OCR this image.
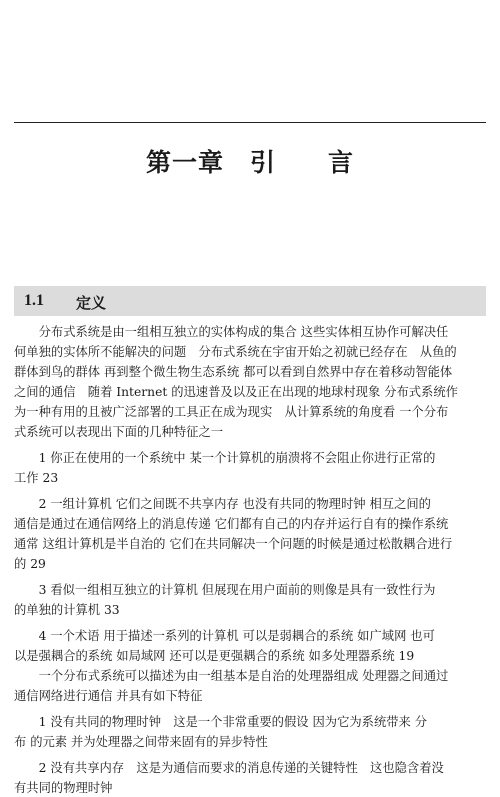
第一章　引　　言
1.1 定义
　　分布式系统是由一组相互独立的实体构成的集合 这些实体相互协作可解决任
何单独的实体所不能解决的问题　分布式系统在宇宙开始之初就已经存在　从鱼的
群体到鸟的群体 再到整个微生物生态系统 都可以看到自然界中存在着移动智能体
之间的通信　随着 Internet 的迅速普及以及正在出现的地球村现象 分布式系统作
为一种有用的且被广泛部署的工具正在成为现实　从计算系统的角度看 一个分布
式系统可以表现出下面的几种特征之一
　　1 你正在使用的一个系统中 某一个计算机的崩溃将不会阻止你进行正常的
工作 23
　　2 一组计算机 它们之间既不共享内存 也没有共同的物理时钟 相互之间的
通信是通过在通信网络上的消息传递 它们都有自己的内存并运行自有的操作系统
通常 这组计算机是半自治的 它们在共同解决一个问题的时候是通过松散耦合进行
的 29
　　3 看似一组相互独立的计算机 但展现在用户面前的则像是具有一致性行为
的单独的计算机 33
　　4 一个术语 用于描述一系列的计算机 可以是弱耦合的系统 如广域网 也可
以是强耦合的系统 如局域网 还可以是更强耦合的系统 如多处理器系统 19
　　一个分布式系统可以描述为由一组基本是自治的处理器组成 处理器之间通过
通信网络进行通信 并具有如下特征
　　1 没有共同的物理时钟　这是一个非常重要的假设 因为它为系统带来 分
布 的元素 并为处理器之间带来固有的异步特性
　　2 没有共享内存　这是为通信而要求的消息传递的关键特性　这也隐含着没
有共同的物理时钟
